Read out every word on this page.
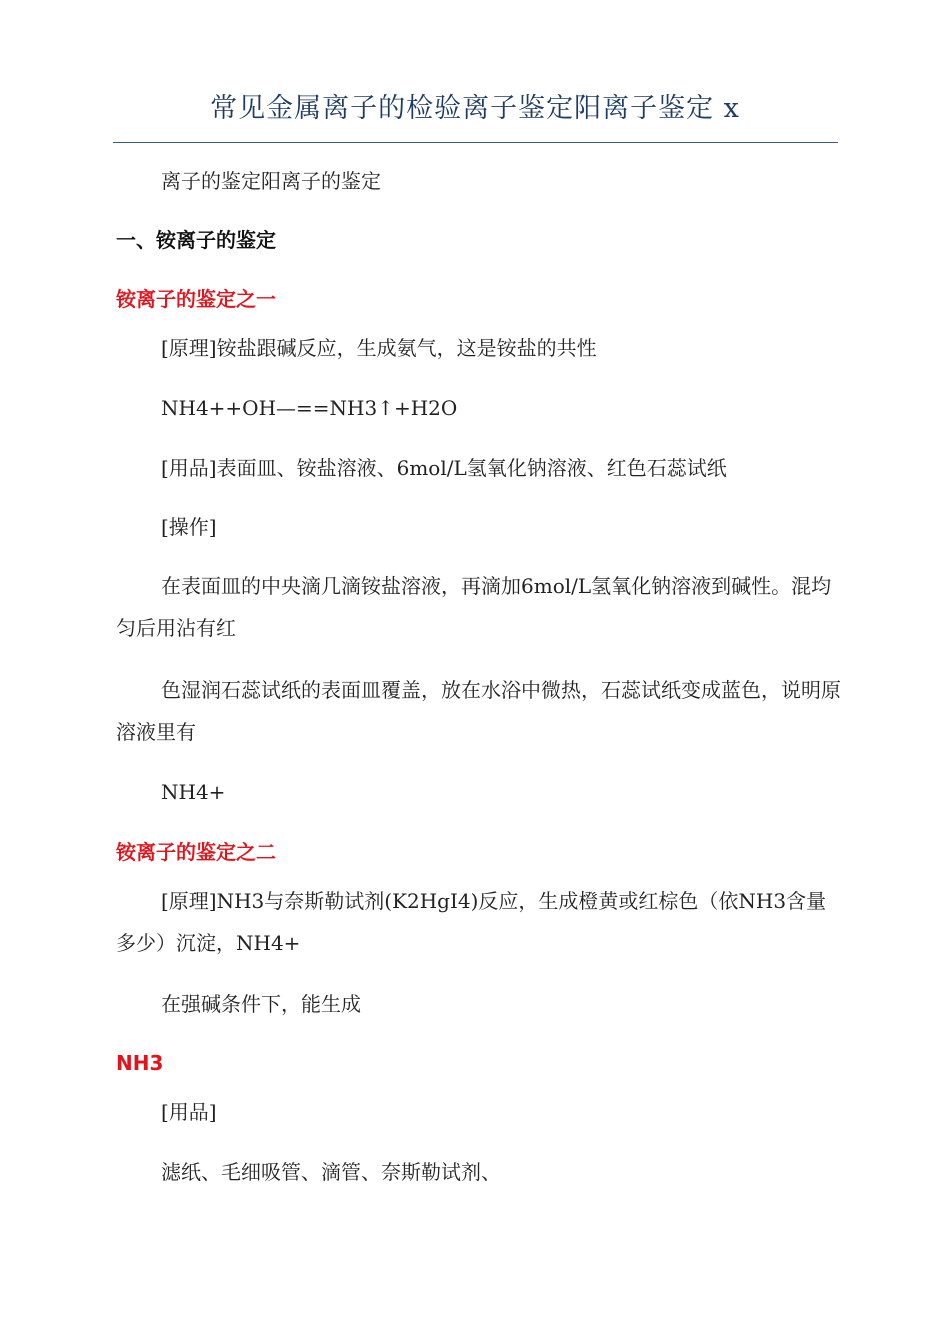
常见金属离子的检验离子鉴定阳离子鉴定 x

离子的鉴定阳离子的鉴定

一、铵离子的鉴定

铵离子的鉴定之一

[原理]铵盐跟碱反应，生成氨气，这是铵盐的共性

NH4++OH—==NH3↑+H2O

[用品]表面皿、铵盐溶液、6mol/L氢氧化钠溶液、红色石蕊试纸

[操作]

在表面皿的中央滴几滴铵盐溶液，再滴加6mol/L氢氧化钠溶液到碱性。混均匀后用沾有红

色湿润石蕊试纸的表面皿覆盖，放在水浴中微热，石蕊试纸变成蓝色，说明原溶液里有

NH4+

铵离子的鉴定之二

[原理]NH3与奈斯勒试剂(K2HgI4)反应，生成橙黄或红棕色（依NH3含量多少）沉淀，NH4+

在强碱条件下，能生成

NH3

[用品]

滤纸、毛细吸管、滴管、奈斯勒试剂、
